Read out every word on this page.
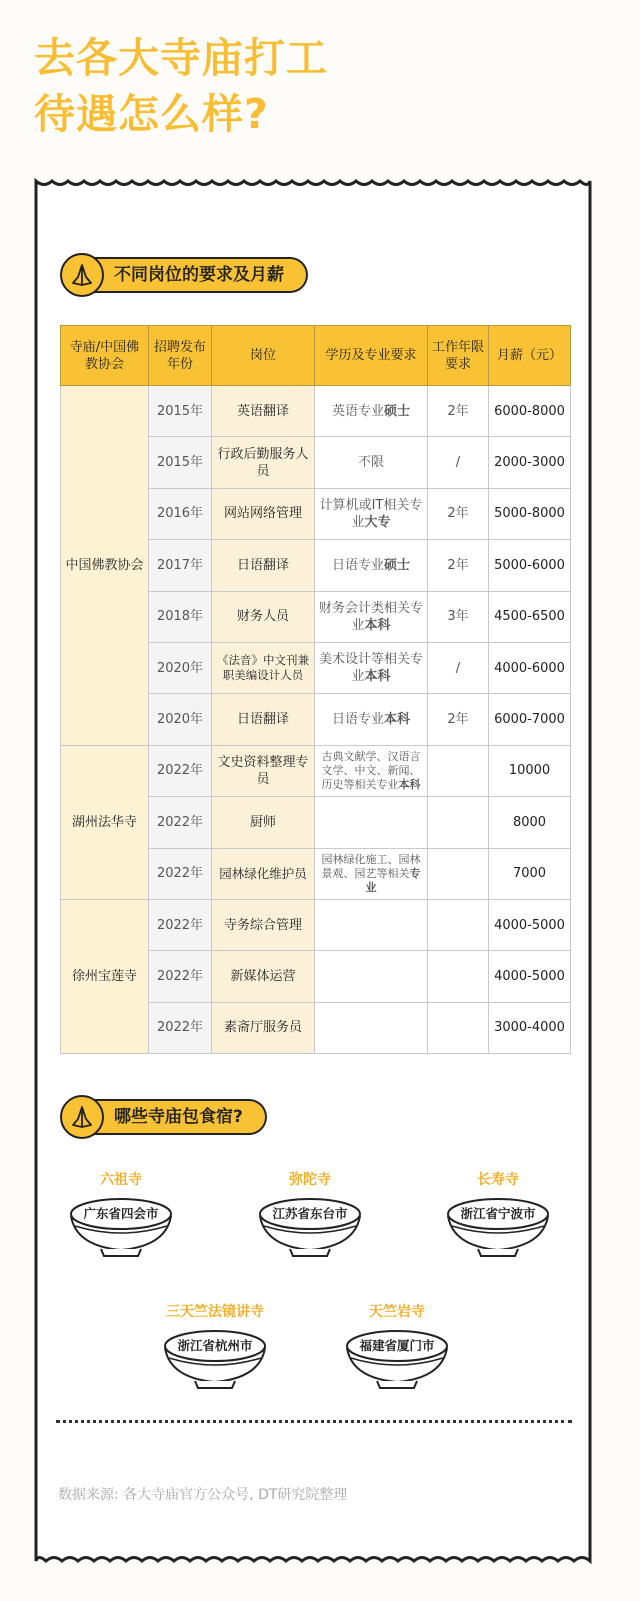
去各大寺庙打工
待遇怎么样?
不同岗位的要求及月薪
寺庙/中国佛教协会	招聘发布年份	岗位	学历及专业要求	工作年限要求	月薪（元）
中国佛教协会	2015年	英语翻译	英语专业硕士	2年	6000-8000
	2015年	行政后勤服务人员	不限	/	2000-3000
	2016年	网站网络管理	计算机或IT相关专业大专	2年	5000-8000
	2017年	日语翻译	日语专业硕士	2年	5000-6000
	2018年	财务人员	财务会计类相关专业本科	3年	4500-6500
	2020年	《法音》中文刊兼职美编设计人员	美术设计等相关专业本科	/	4000-6000
	2020年	日语翻译	日语专业本科	2年	6000-7000
湖州法华寺	2022年	文史资料整理专员	古典文献学、汉语言文学、中文、新闻、历史等相关专业本科		10000
	2022年	厨师			8000
	2022年	园林绿化维护员	园林绿化施工、园林景观、园艺等相关专业		7000
徐州宝莲寺	2022年	寺务综合管理			4000-5000
	2022年	新媒体运营			4000-5000
	2022年	素斋厅服务员			3000-4000
哪些寺庙包食宿?
六祖寺
广东省四会市
弥陀寺
江苏省东台市
长寿寺
浙江省宁波市
三天竺法镜讲寺
浙江省杭州市
天竺岩寺
福建省厦门市
数据来源: 各大寺庙官方公众号, DT研究院整理
